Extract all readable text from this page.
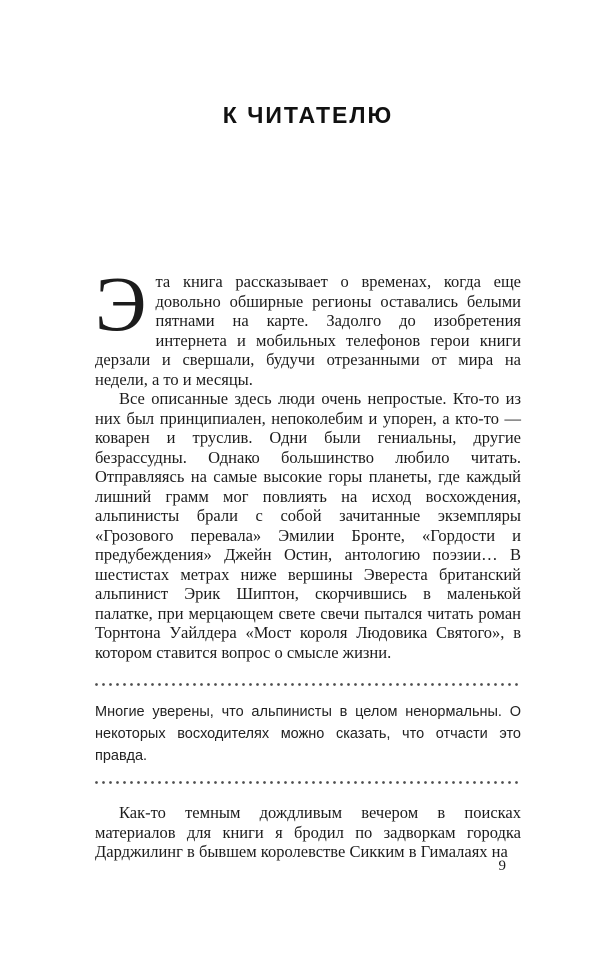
К ЧИТАТЕЛЮ

Эта книга рассказывает о временах, когда еще довольно обширные регионы оставались белыми пятнами на карте. Задолго до изобретения интернета и мобильных телефонов герои книги дерзали и свершали, будучи отрезанными от мира на недели, а то и месяцы.

Все описанные здесь люди очень непростые. Кто-то из них был принципиален, непоколебим и упорен, а кто-то — коварен и труслив. Одни были гениальны, другие безрассудны. Однако большинство любило читать. Отправляясь на самые высокие горы планеты, где каждый лишний грамм мог повлиять на исход восхождения, альпинисты брали с собой зачитанные экземпляры «Грозового перевала» Эмилии Бронте, «Гордости и предубеждения» Джейн Остин, антологию поэзии… В шестистах метрах ниже вершины Эвереста британский альпинист Эрик Шиптон, скорчившись в маленькой палатке, при мерцающем свете свечи пытался читать роман Торнтона Уайлдера «Мост короля Людовика Святого», в котором ставится вопрос о смысле жизни.

Многие уверены, что альпинисты в целом ненормальны. О некоторых восходителях можно сказать, что отчасти это правда.

Как-то темным дождливым вечером в поисках материалов для книги я бродил по задворкам городка Дарджилинг в бывшем королевстве Сикким в Гималаях на

9
